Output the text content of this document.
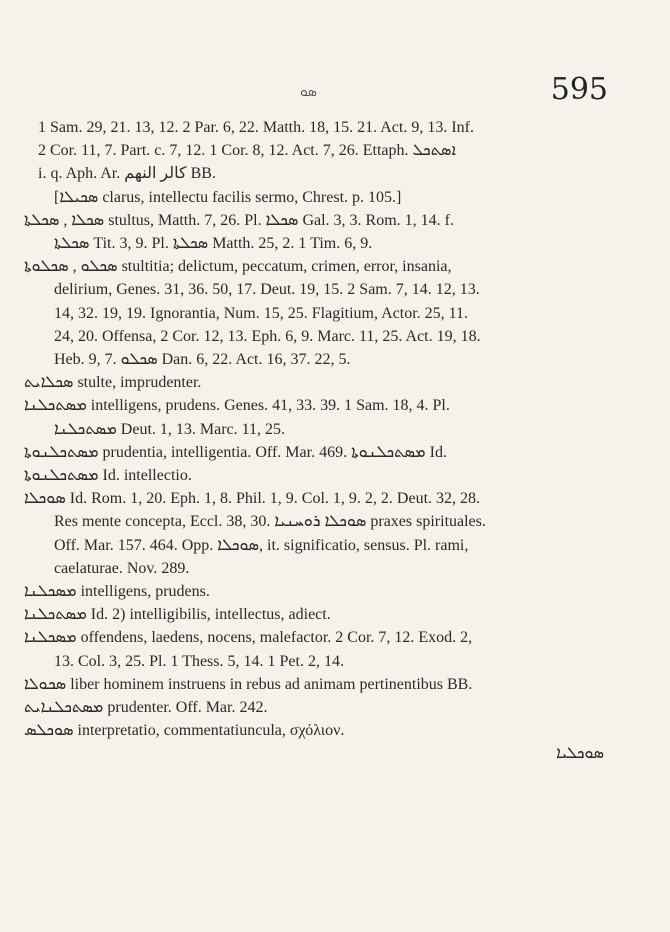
ܣܘ	595
1 Sam. 29, 21. 13, 12. 2 Par. 6, 22. Matth. 18, 15. 21. Act. 9, 13. Inf.
2 Cor. 11, 7. Part. c. 7, 12. 1 Cor. 8, 12. Act. 7, 26. Ettaph. ܐܣܬܟܠ
i. q. Aph. Ar. ﻛﺎﻟﺮ ﺍﻟﻨﻬﻢ BB.
[ܣܟܝܠܐ clarus, intellectu facilis sermo, Chrest. p. 105.]
ܣܟܠܐ , ܣܟܠܬܐ stultus, Matth. 7, 26. Pl. ܣܟܠܐ Gal. 3, 3. Rom. 1, 14. f.
ܣܟܠܬܐ Tit. 3, 9. Pl. ܣܟܠܬܐ Matth. 25, 2. 1 Tim. 6, 9.
ܣܟܠܘ , ܣܟܠܘܬܐ stultitia; delictum, peccatum, crimen, error, insania,
delirium, Genes. 31, 36. 50, 17. Deut. 19, 15. 2 Sam. 7, 14. 12, 13.
14, 32. 19, 19. Ignorantia, Num. 15, 25. Flagitium, Actor. 25, 11.
24, 20. Offensa, 2 Cor. 12, 13. Eph. 6, 9. Marc. 11, 25. Act. 19, 18.
Heb. 9, 7. ܣܟܠܘ Dan. 6, 22. Act. 16, 37. 22, 5.
ܣܟܠܐܝܬ stulte, imprudenter.
ܡܣܬܟܠܢܐ intelligens, prudens. Genes. 41, 33. 39. 1 Sam. 18, 4. Pl.
ܡܣܬܟܠܢܐ Deut. 1, 13. Marc. 11, 25.
ܡܣܬܟܠܢܘܬܐ prudentia, intelligentia. Off. Mar. 469. ܡܣܬܟܠܢܘܬܐ Id.
ܡܣܬܟܠܢܘܬܐ Id. intellectio.
ܣܘܟܠܐ Id. Rom. 1, 20. Eph. 1, 8. Phil. 1, 9. Col. 1, 9. 2, 2. Deut. 32, 28.
Res mente concepta, Eccl. 38, 30. ܣܘܟܠܐ ܪܘܚܢܝܐ praxes spirituales.
Off. Mar. 157. 464. Opp. ܣܘܟܠܐ, it. significatio, sensus. Pl. rami,
caelaturae. Nov. 289.
ܡܣܟܠܢܐ intelligens, prudens.
ܡܣܬܟܠܢܐ Id. 2) intelligibilis, intellectus, adiect.
ܡܣܟܠܢܐ offendens, laedens, nocens, malefactor. 2 Cor. 7, 12. Exod. 2,
13. Col. 3, 25. Pl. 1 Thess. 5, 14. 1 Pet. 2, 14.
ܣܟܘܠܐ liber hominem instruens in rebus ad animam pertinentibus BB.
ܡܣܬܟܠܢܐܝܬ prudenter. Off. Mar. 242.
ܣܘܟܠܣ interpretatio, commentatiuncula, σχόλιον.
ܣܘܟܠܝܐ
